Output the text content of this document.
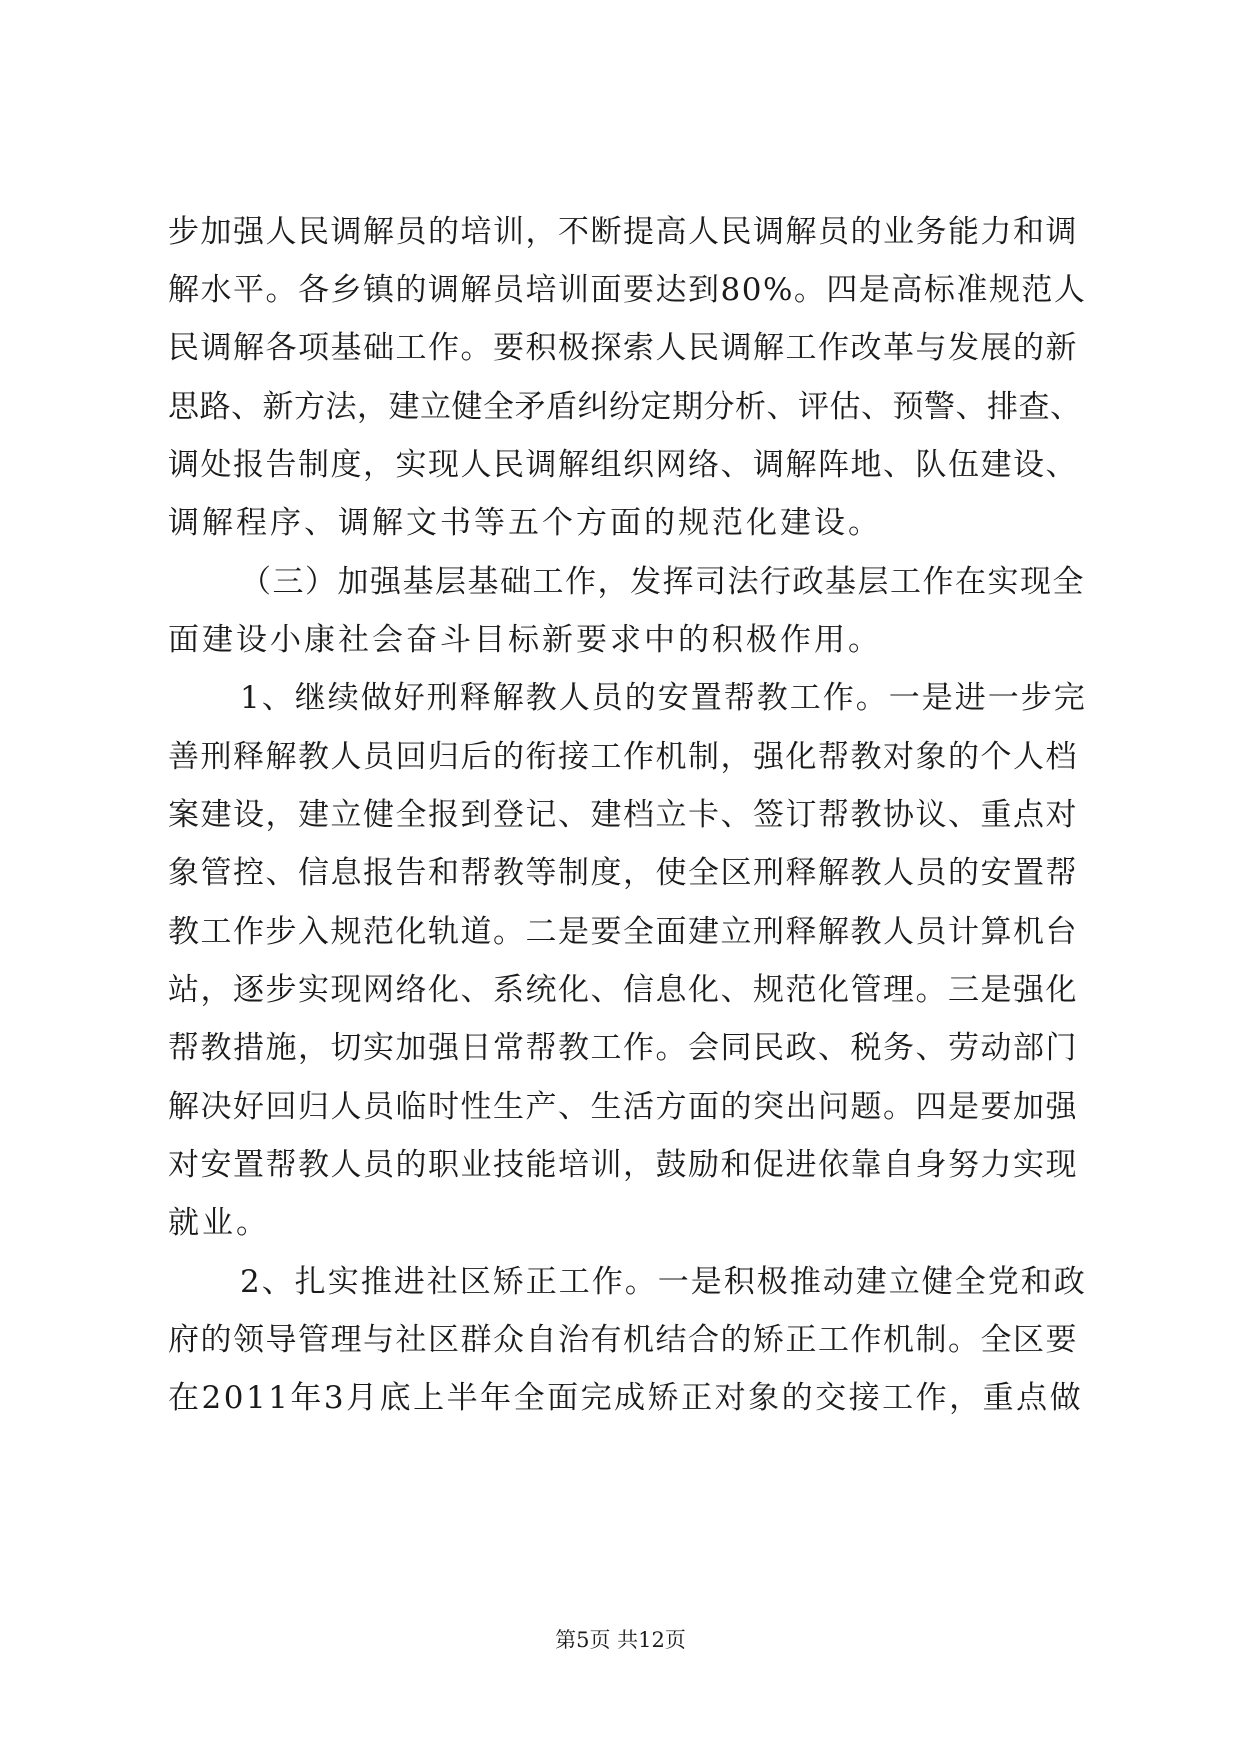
步加强人民调解员的培训，不断提高人民调解员的业务能力和调
解水平。各乡镇的调解员培训面要达到80%。四是高标准规范人
民调解各项基础工作。要积极探索人民调解工作改革与发展的新
思路、新方法，建立健全矛盾纠纷定期分析、评估、预警、排查、
调处报告制度，实现人民调解组织网络、调解阵地、队伍建设、
调解程序、调解文书等五个方面的规范化建设。
（三）加强基层基础工作，发挥司法行政基层工作在实现全
面建设小康社会奋斗目标新要求中的积极作用。
1、继续做好刑释解教人员的安置帮教工作。一是进一步完
善刑释解教人员回归后的衔接工作机制，强化帮教对象的个人档
案建设，建立健全报到登记、建档立卡、签订帮教协议、重点对
象管控、信息报告和帮教等制度，使全区刑释解教人员的安置帮
教工作步入规范化轨道。二是要全面建立刑释解教人员计算机台
站，逐步实现网络化、系统化、信息化、规范化管理。三是强化
帮教措施，切实加强日常帮教工作。会同民政、税务、劳动部门
解决好回归人员临时性生产、生活方面的突出问题。四是要加强
对安置帮教人员的职业技能培训，鼓励和促进依靠自身努力实现
就业。
2、扎实推进社区矫正工作。一是积极推动建立健全党和政
府的领导管理与社区群众自治有机结合的矫正工作机制。全区要
在2011年3月底上半年全面完成矫正对象的交接工作，重点做
第5页 共12页
